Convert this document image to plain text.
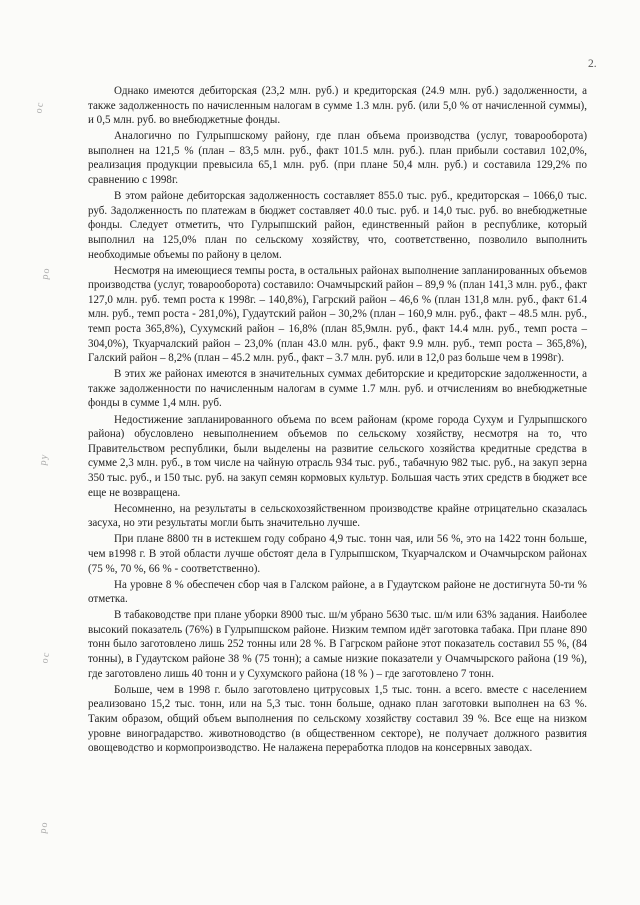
2.
ос
ро
ру
ос
ро

Однако имеются дебиторская (23,2 млн. руб.) и кредиторская (24.9 млн. руб.) задолженности, а также задолженность по начисленным налогам в сумме 1.3 млн. руб. (или 5,0 % от начисленной суммы), и 0,5 млн. руб. во внебюджетные фонды.

Аналогично по Гулрыпшскому району, где план объема производства (услуг, товарооборота) выполнен на 121,5 % (план – 83,5 млн. руб., факт 101.5 млн. руб.). план прибыли составил 102,0%, реализация продукции превысила 65,1 млн. руб. (при плане 50,4 млн. руб.) и составила 129,2% по сравнению с 1998г.

В этом районе дебиторская задолженность составляет 855.0 тыс. руб., кредиторская – 1066,0 тыс. руб. Задолженность по платежам в бюджет составляет 40.0 тыс. руб. и 14,0 тыс. руб. во внебюджетные фонды. Следует отметить, что Гулрыпшский район, единственный район в республике, который выполнил на 125,0% план по сельскому хозяйству, что, соответственно, позволило выполнить необходимые объемы по району в целом.

Несмотря на имеющиеся темпы роста, в остальных районах выполнение запланированных объемов производства (услуг, товарооборота) составило: Очамчырский район – 89,9 % (план 141,3 млн. руб., факт 127,0 млн. руб. темп роста к 1998г. – 140,8%), Гагрский район – 46,6 % (план 131,8 млн. руб., факт 61.4 млн. руб., темп роста - 281,0%), Гудаутский район – 30,2% (план – 160,9 млн. руб., факт – 48.5 млн. руб., темп роста 365,8%), Сухумский район – 16,8% (план 85,9млн. руб., факт 14.4 млн. руб., темп роста – 304,0%), Ткуарчалский район – 23,0% (план 43.0 млн. руб., факт 9.9 млн. руб., темп роста – 365,8%), Галский район – 8,2% (план – 45.2 млн. руб., факт – 3.7 млн. руб. или в 12,0 раз больше чем в 1998г).

В этих же районах имеются в значительных суммах дебиторские и кредиторские задолженности, а также задолженности по начисленным налогам в сумме 1.7 млн. руб. и отчислениям во внебюджетные фонды в сумме 1,4 млн. руб.

Недостижение запланированного объема по всем районам (кроме города Сухум и Гулрыпшского района) обусловлено невыполнением объемов по сельскому хозяйству, несмотря на то, что Правительством республики, были выделены на развитие сельского хозяйства кредитные средства в сумме 2,3 млн. руб., в том числе на чайную отрасль 934 тыс. руб., табачную 982 тыс. руб., на закуп зерна 350 тыс. руб., и 150 тыс. руб. на закуп семян кормовых культур. Большая часть этих средств в бюджет все еще не возвращена.

Несомненно, на результаты в сельскохозяйственном производстве крайне отрицательно сказалась засуха, но эти результаты могли быть значительно лучше.

При плане 8800 тн в истекшем году собрано 4,9 тыс. тонн чая, или 56 %, это на 1422 тонн больше, чем в1998 г. В этой области лучше обстоят дела в Гулрыпшском, Ткуарчалском и Очамчырском районах (75 %, 70 %, 66 % - соответственно).

На уровне 8 % обеспечен сбор чая в Галском районе, а в Гудаутском районе не достигнута 50-ти % отметка.

В табаководстве при плане уборки 8900 тыс. ш/м убрано 5630 тыс. ш/м или 63% задания. Наиболее высокий показатель (76%) в Гулрыпшском районе. Низким темпом идёт заготовка табака. При плане 890 тонн было заготовлено лишь 252 тонны или 28 %. В Гагрском районе этот показатель составил 55 %, (84 тонны), в Гудаутском районе 38 % (75 тонн); а самые низкие показатели у Очамчырского района (19 %), где заготовлено лишь 40 тонн и у Сухумского района (18 % ) – где заготовлено 7 тонн.

Больше, чем в 1998 г. было заготовлено цитрусовых 1,5 тыс. тонн. а всего. вместе с населением реализовано 15,2 тыс. тонн, или на 5,3 тыс. тонн больше, однако план заготовки выполнен на 63 %. Таким образом, общий объем выполнения по сельскому хозяйству составил 39 %. Все еще на низком уровне виноградарство. животноводство (в общественном секторе), не получает должного развития овощеводство и кормопроизводство. Не налажена переработка плодов на консервных заводах.
